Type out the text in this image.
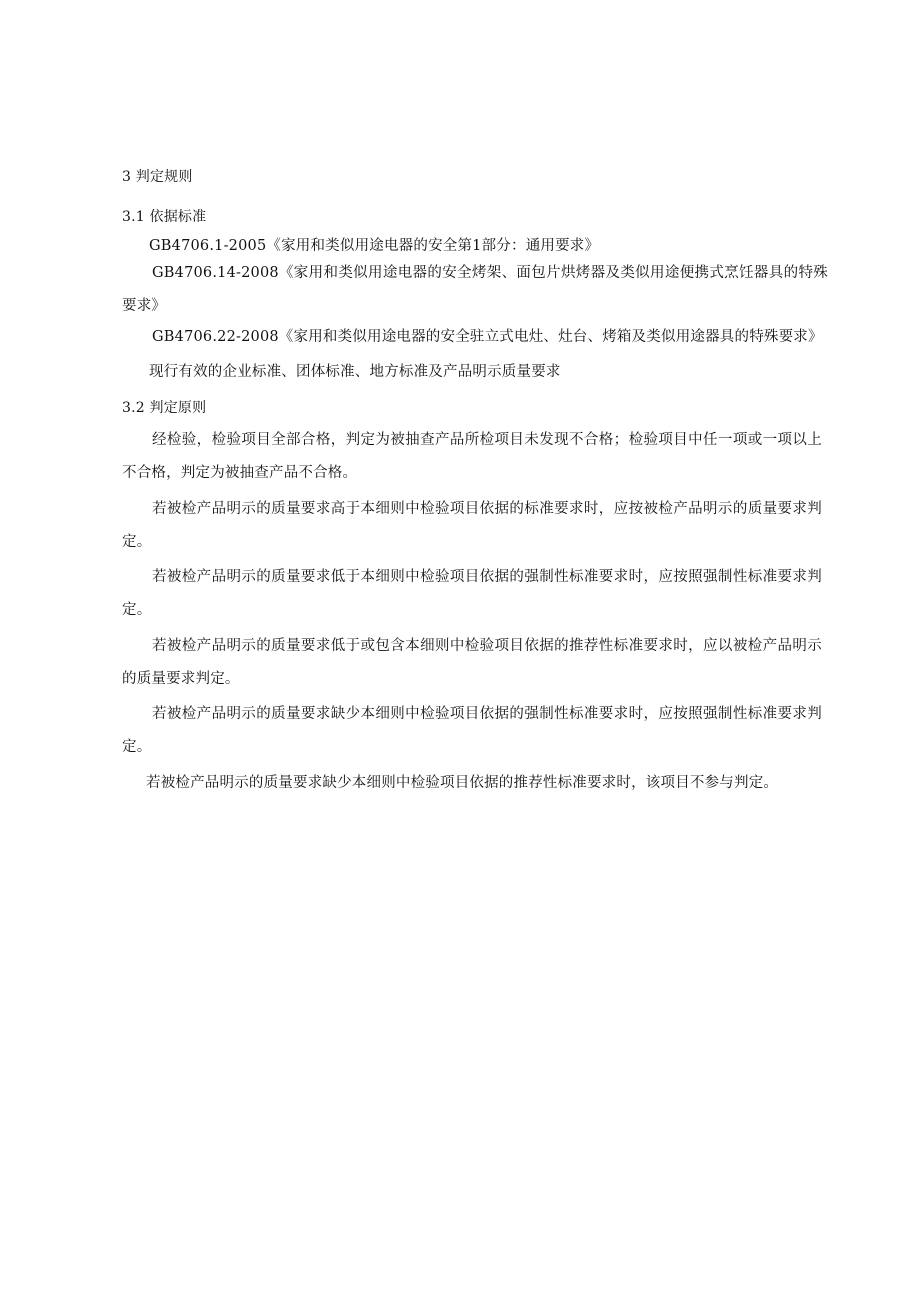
3 判定规则
3.1 依据标准
GB4706.1-2005《家用和类似用途电器的安全第1部分：通用要求》
GB4706.14-2008《家用和类似用途电器的安全烤架、面包片烘烤器及类似用途便携式烹饪器具的特殊要求》
GB4706.22-2008《家用和类似用途电器的安全驻立式电灶、灶台、烤箱及类似用途器具的特殊要求》
现行有效的企业标准、团体标准、地方标准及产品明示质量要求
3.2 判定原则
经检验，检验项目全部合格，判定为被抽查产品所检项目未发现不合格；检验项目中任一项或一项以上不合格，判定为被抽查产品不合格。
若被检产品明示的质量要求高于本细则中检验项目依据的标准要求时，应按被检产品明示的质量要求判定。
若被检产品明示的质量要求低于本细则中检验项目依据的强制性标准要求时，应按照强制性标准要求判定。
若被检产品明示的质量要求低于或包含本细则中检验项目依据的推荐性标准要求时，应以被检产品明示的质量要求判定。
若被检产品明示的质量要求缺少本细则中检验项目依据的强制性标准要求时，应按照强制性标准要求判定。
若被检产品明示的质量要求缺少本细则中检验项目依据的推荐性标准要求时，该项目不参与判定。
